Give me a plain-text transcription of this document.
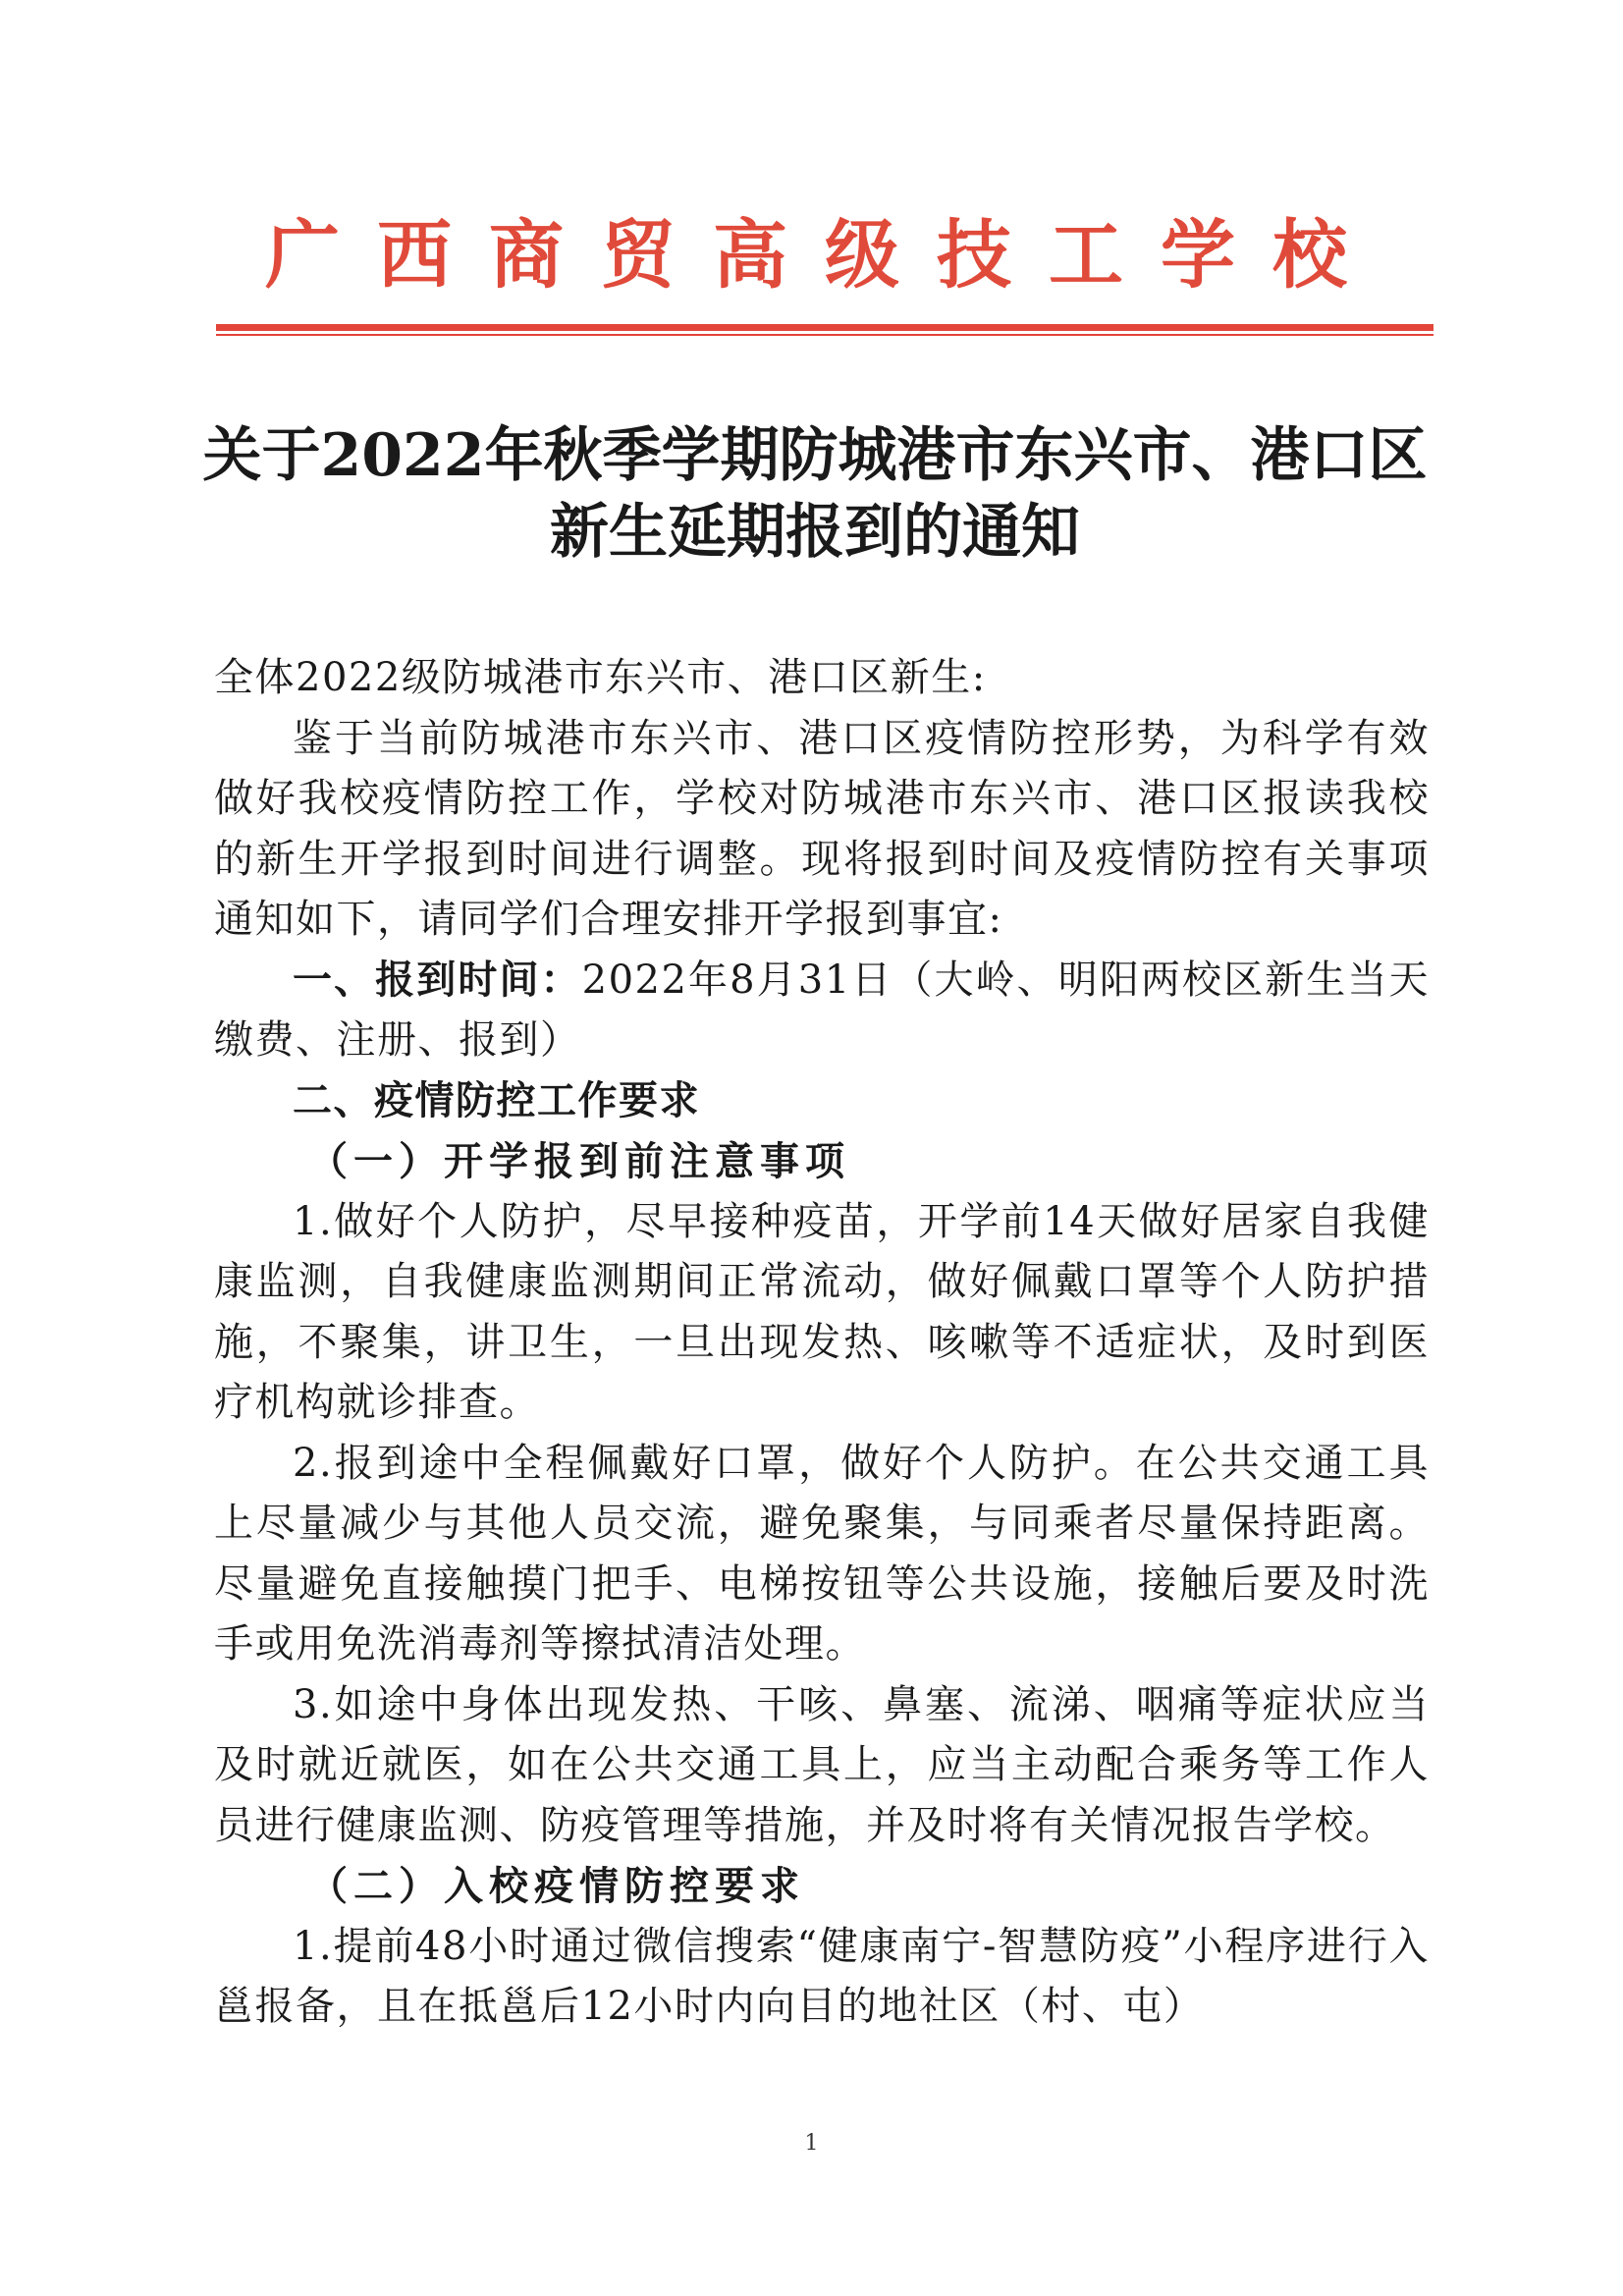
广西商贸高级技工学校
关于2022年秋季学期防城港市东兴市、港口区
新生延期报到的通知

全体2022级防城港市东兴市、港口区新生:

鉴于当前防城港市东兴市、港口区疫情防控形势，为科学有效做好我校疫情防控工作，学校对防城港市东兴市、港口区报读我校的新生开学报到时间进行调整。现将报到时间及疫情防控有关事项通知如下，请同学们合理安排开学报到事宜:

一、报到时间：2022年8月31日（大岭、明阳两校区新生当天缴费、注册、报到）

二、疫情防控工作要求

（一）开学报到前注意事项

1.做好个人防护，尽早接种疫苗，开学前14天做好居家自我健康监测，自我健康监测期间正常流动，做好佩戴口罩等个人防护措施，不聚集，讲卫生，一旦出现发热、咳嗽等不适症状，及时到医疗机构就诊排查。

2.报到途中全程佩戴好口罩，做好个人防护。在公共交通工具上尽量减少与其他人员交流，避免聚集，与同乘者尽量保持距离。尽量避免直接触摸门把手、电梯按钮等公共设施，接触后要及时洗手或用免洗消毒剂等擦拭清洁处理。

3.如途中身体出现发热、干咳、鼻塞、流涕、咽痛等症状应当及时就近就医，如在公共交通工具上，应当主动配合乘务等工作人员进行健康监测、防疫管理等措施，并及时将有关情况报告学校。

（二）入校疫情防控要求

1.提前48小时通过微信搜索“健康南宁-智慧防疫”小程序进行入邕报备，且在抵邕后12小时内向目的地社区（村、屯）

1
